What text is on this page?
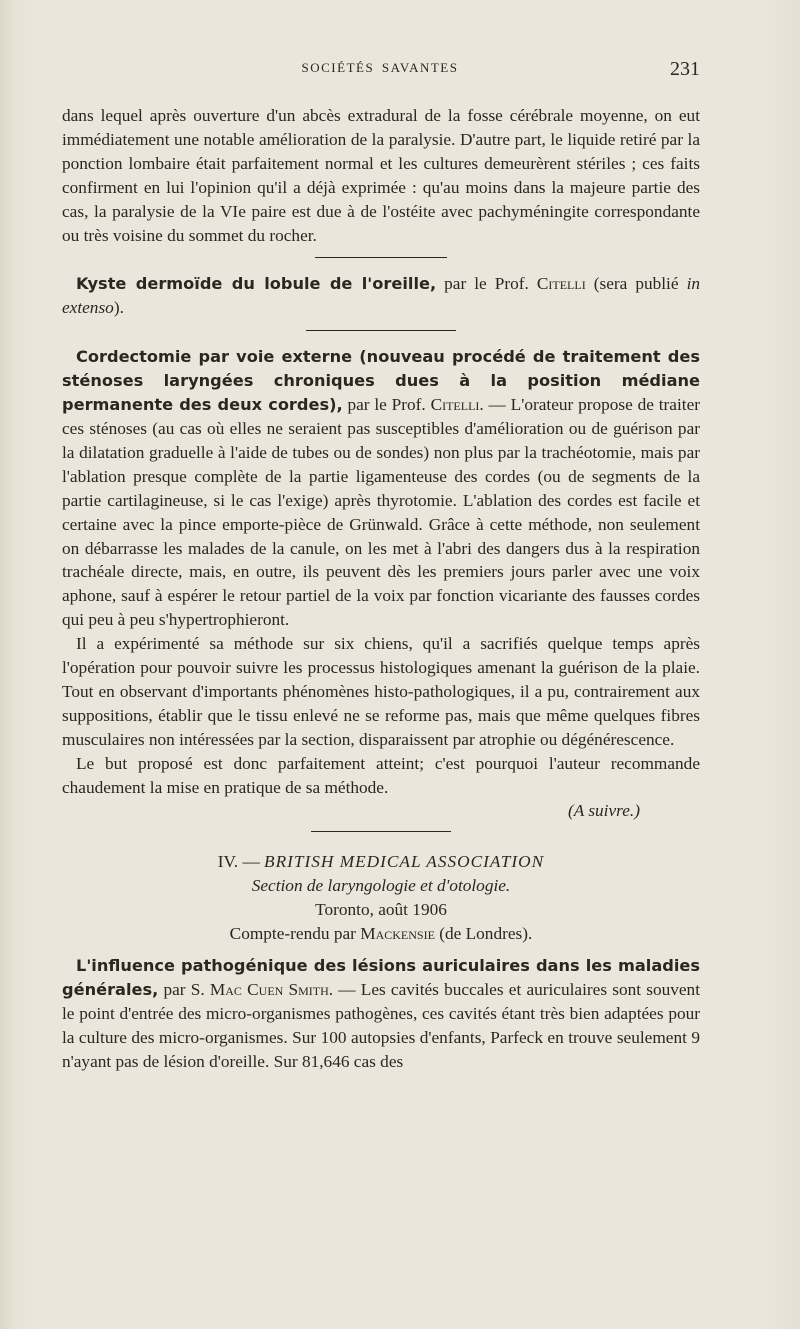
SOCIÉTÉS SAVANTES	231

dans lequel après ouverture d'un abcès extradural de la fosse cérébrale moyenne, on eut immédiatement une notable amélioration de la paralysie. D'autre part, le liquide retiré par la ponction lombaire était parfaitement normal et les cultures demeurèrent stériles ; ces faits confirment en lui l'opinion qu'il a déjà exprimée : qu'au moins dans la majeure partie des cas, la paralysie de la VIe paire est due à de l'ostéite avec pachyméningite correspondante ou très voisine du sommet du rocher.

Kyste dermoïde du lobule de l'oreille, par le Prof. Citelli (sera publié in extenso).

Cordectomie par voie externe (nouveau procédé de traitement des sténoses laryngées chroniques dues à la position médiane permanente des deux cordes), par le Prof. Citelli. — L'orateur propose de traiter ces sténoses (au cas où elles ne seraient pas susceptibles d'amélioration ou de guérison par la dilatation graduelle à l'aide de tubes ou de sondes) non plus par la trachéotomie, mais par l'ablation presque complète de la partie ligamenteuse des cordes (ou de segments de la partie cartilagineuse, si le cas l'exige) après thyrotomie. L'ablation des cordes est facile et certaine avec la pince emporte-pièce de Grünwald. Grâce à cette méthode, non seulement on débarrasse les malades de la canule, on les met à l'abri des dangers dus à la respiration trachéale directe, mais, en outre, ils peuvent dès les premiers jours parler avec une voix aphone, sauf à espérer le retour partiel de la voix par fonction vicariante des fausses cordes qui peu à peu s'hypertrophieront.

Il a expérimenté sa méthode sur six chiens, qu'il a sacrifiés quelque temps après l'opération pour pouvoir suivre les processus histologiques amenant la guérison de la plaie. Tout en observant d'importants phénomènes histo-pathologiques, il a pu, contrairement aux suppositions, établir que le tissu enlevé ne se reforme pas, mais que même quelques fibres musculaires non intéressées par la section, disparaissent par atrophie ou dégénérescence.

Le but proposé est donc parfaitement atteint; c'est pourquoi l'auteur recommande chaudement la mise en pratique de sa méthode.

(A suivre.)

IV. — BRITISH MEDICAL ASSOCIATION

Section de laryngologie et d'otologie.

Toronto, août 1906

Compte-rendu par Mackensie (de Londres).

L'influence pathogénique des lésions auriculaires dans les maladies générales, par S. Mac Cuen Smith. — Les cavités buccales et auriculaires sont souvent le point d'entrée des micro-organismes pathogènes, ces cavités étant très bien adaptées pour la culture des micro-organismes. Sur 100 autopsies d'enfants, Parfeck en trouve seulement 9 n'ayant pas de lésion d'oreille. Sur 81,646 cas des
